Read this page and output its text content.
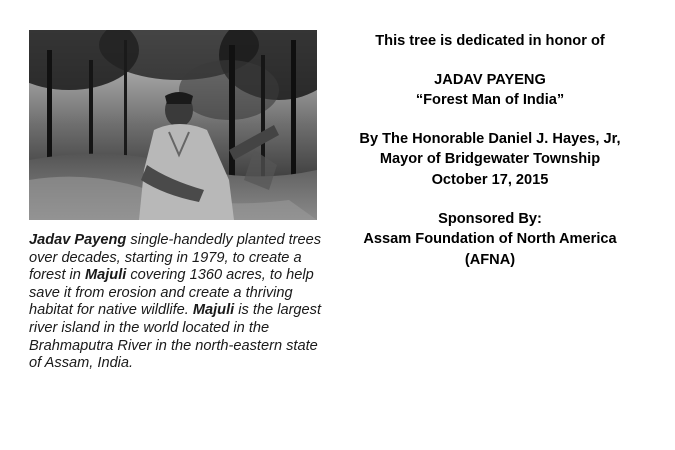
Jadav Payeng single-handedly planted trees over decades, starting in 1979, to create a forest in Majuli covering 1360 acres, to help save it from erosion and create a thriving habitat for native wildlife. Majuli is the largest river island in the world located in the Brahmaputra River in the north-eastern state of Assam, India.
This tree is dedicated in honor of
JADAV PAYENG
“Forest Man of India”
By The Honorable Daniel J. Hayes, Jr,
Mayor of Bridgewater Township
October 17, 2015
Sponsored By:
Assam Foundation of North America
(AFNA)
